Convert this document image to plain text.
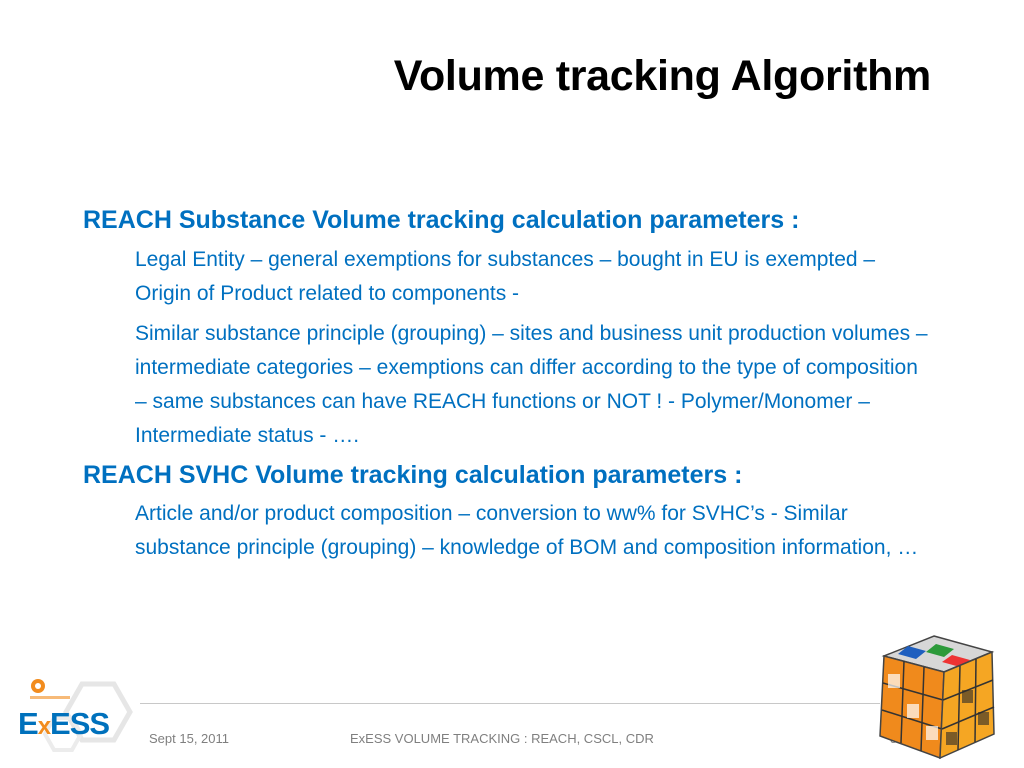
Volume tracking Algorithm
REACH Substance Volume tracking calculation parameters :
Legal Entity – general exemptions for substances – bought in EU is exempted – Origin of Product related to components -
Similar substance principle (grouping) – sites and business unit production volumes – intermediate categories – exemptions can differ according to the type of composition – same substances can have REACH functions or NOT ! - Polymer/Monomer – Intermediate status - ….
REACH SVHC Volume tracking calculation parameters :
Article and/or product composition – conversion to ww% for SVHC’s - Similar substance principle (grouping) – knowledge of BOM and composition information, …
ExESS	Sept 15, 2011	ExESS VOLUME TRACKING : REACH, CSCL, CDR
